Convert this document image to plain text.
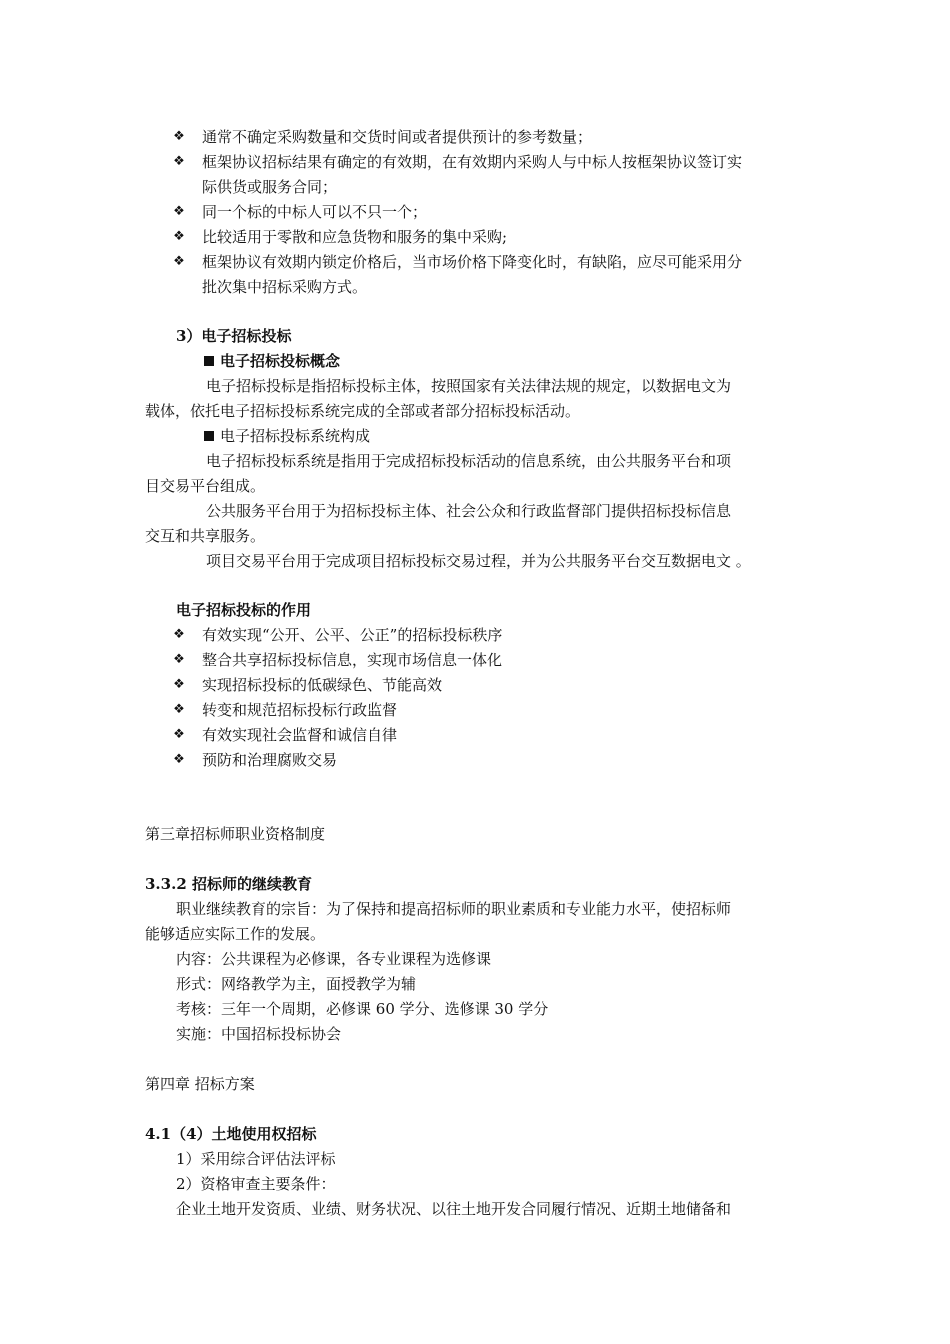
❖ 通常不确定采购数量和交货时间或者提供预计的参考数量；
❖ 框架协议招标结果有确定的有效期，在有效期内采购人与中标人按框架协议签订实
际供货或服务合同；
❖ 同一个标的中标人可以不只一个；
❖ 比较适用于零散和应急货物和服务的集中采购;
❖ 框架协议有效期内锁定价格后，当市场价格下降变化时，有缺陷，应尽可能采用分
批次集中招标采购方式。
3）电子招标投标
电子招标投标概念
电子招标投标是指招标投标主体，按照国家有关法律法规的规定，以数据电文为
载体，依托电子招标投标系统完成的全部或者部分招标投标活动。
电子招标投标系统构成
电子招标投标系统是指用于完成招标投标活动的信息系统，由公共服务平台和项
目交易平台组成。
公共服务平台用于为招标投标主体、社会公众和行政监督部门提供招标投标信息
交互和共享服务。
项目交易平台用于完成项目招标投标交易过程，并为公共服务平台交互数据电文 。
电子招标投标的作用
❖ 有效实现“公开、公平、公正”的招标投标秩序
❖ 整合共享招标投标信息，实现市场信息一体化
❖ 实现招标投标的低碳绿色、节能高效
❖ 转变和规范招标投标行政监督
❖ 有效实现社会监督和诚信自律
❖ 预防和治理腐败交易
第三章招标师职业资格制度
3.3.2 招标师的继续教育
职业继续教育的宗旨：为了保持和提高招标师的职业素质和专业能力水平，使招标师
能够适应实际工作的发展。
内容：公共课程为必修课，各专业课程为选修课
形式：网络教学为主，面授教学为辅
考核：三年一个周期，必修课 60 学分、选修课 30 学分
实施：中国招标投标协会
第四章 招标方案
4.1（4）土地使用权招标
1）采用综合评估法评标
2）资格审查主要条件：
企业土地开发资质、业绩、财务状况、以往土地开发合同履行情况、近期土地储备和
